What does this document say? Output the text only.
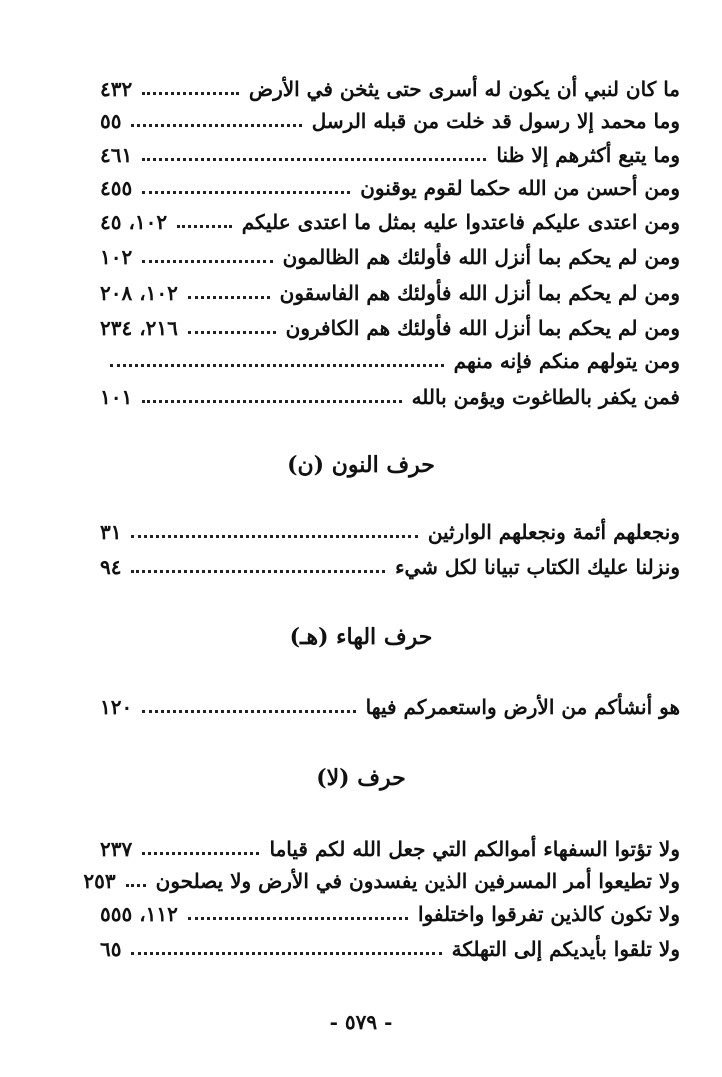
ما كان لنبي أن يكون له أسرى حتى يثخن في الأرض
٤٣٢
وما محمد إلا رسول قد خلت من قبله الرسل
٥٥
وما يتبع أكثرهم إلا ظنا
٤٦١
ومن أحسن من الله حكما لقوم يوقنون
٤٥٥
ومن اعتدى عليكم فاعتدوا عليه بمثل ما اعتدى عليكم
١٠٢، ٤٥
ومن لم يحكم بما أنزل الله فأولئك هم الظالمون
١٠٢
ومن لم يحكم بما أنزل الله فأولئك هم الفاسقون
١٠٢، ٢٠٨
ومن لم يحكم بما أنزل الله فأولئك هم الكافرون
٢١٦، ٢٣٤
ومن يتولهم منكم فإنه منهم
فمن يكفر بالطاغوت ويؤمن بالله
١٠١
حرف النون (ن)
ونجعلهم أئمة ونجعلهم الوارثين
٣١
ونزلنا عليك الكتاب تبيانا لكل شيء
٩٤
حرف الهاء (هـ)
هو أنشأكم من الأرض واستعمركم فيها
١٢٠
حرف (لا)
ولا تؤتوا السفهاء أموالكم التي جعل الله لكم قياما
٢٣٧
ولا تطيعوا أمر المسرفين الذين يفسدون في الأرض ولا يصلحون
٢٥٣
ولا تكون كالذين تفرقوا واختلفوا
١١٢، ٥٥٥
ولا تلقوا بأيديكم إلى التهلكة
٦٥
- ٥٧٩ -
